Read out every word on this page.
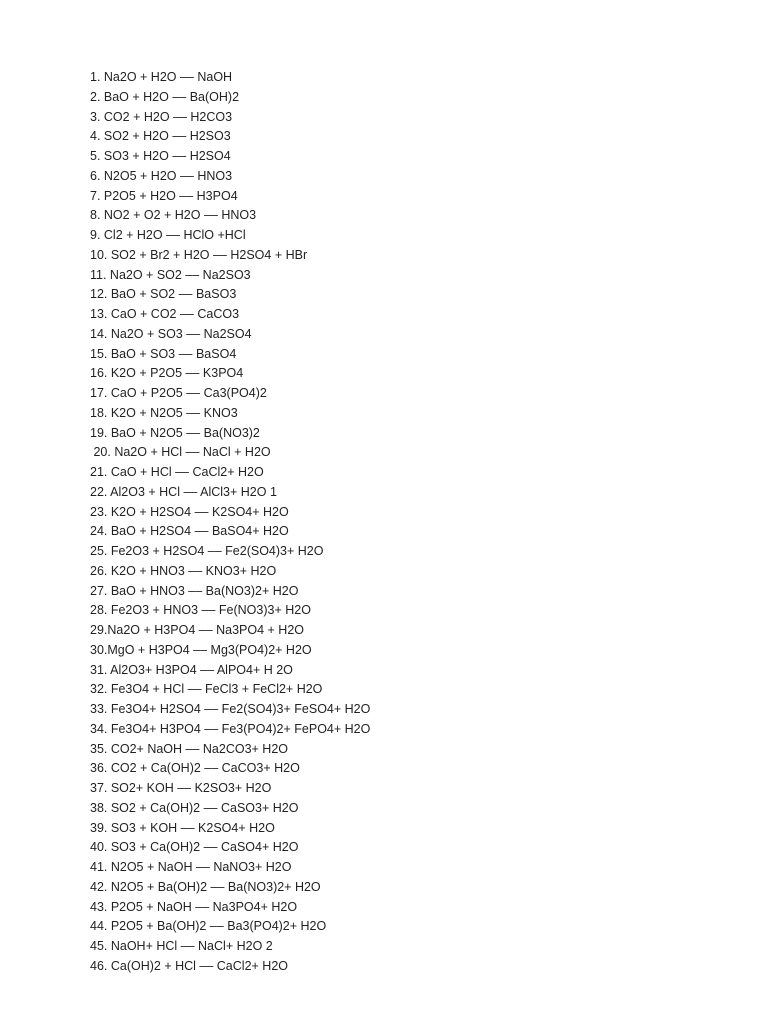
1. Na2O + H2O –– NaOH
2. BaO + H2O –– Ba(OH)2
3. CO2 + H2O –– H2CO3
4. SO2 + H2O –– H2SO3
5. SO3 + H2O –– H2SO4
6. N2O5 + H2O –– HNO3
7. P2O5 + H2O –– H3PO4
8. NO2 + O2 + H2O –– HNO3
9. Cl2 + H2O –– HClO +HCl
10. SO2 + Br2 + H2O –– H2SO4 + HBr
11. Na2O + SO2 –– Na2SO3
12. BaO + SO2 –– BaSO3
13. CaO + CO2 –– CaCO3
14. Na2O + SO3 –– Na2SO4
15. BaO + SO3 –– BaSO4
16. K2O + P2O5 –– K3PO4
17. CaO + P2O5 –– Ca3(PO4)2
18. K2O + N2O5 –– KNO3
19. BaO + N2O5 –– Ba(NO3)2
20. Na2O + HCl –– NaCl + H2O
21. CaO + HCl –– CaCl2+ H2O
22. Al2O3 + HCl –– AlCl3+ H2O 1
23. K2O + H2SO4 –– K2SO4+ H2O
24. BaO + H2SO4 –– BaSO4+ H2O
25. Fe2O3 + H2SO4 –– Fe2(SO4)3+ H2O
26. K2O + HNO3 –– KNO3+ H2O
27. BaO + HNO3 –– Ba(NO3)2+ H2O
28. Fe2O3 + HNO3 –– Fe(NO3)3+ H2O
29.Na2O + H3PO4 –– Na3PO4 + H2O
30.MgO + H3PO4 –– Mg3(PO4)2+ H2O
31. Al2O3+ H3PO4 –– AlPO4+ H 2O
32. Fe3O4 + HCl –– FeCl3 + FeCl2+ H2O
33. Fe3O4+ H2SO4 –– Fe2(SO4)3+ FeSO4+ H2O
34. Fe3O4+ H3PO4 –– Fe3(PO4)2+ FePO4+ H2O
35. CO2+ NaOH –– Na2CO3+ H2O
36. CO2 + Ca(OH)2 –– CaCO3+ H2O
37. SO2+ KOH –– K2SO3+ H2O
38. SO2 + Ca(OH)2 –– CaSO3+ H2O
39. SO3 + KOH –– K2SO4+ H2O
40. SO3 + Ca(OH)2 –– CaSO4+ H2O
41. N2O5 + NaOH –– NaNO3+ H2O
42. N2O5 + Ba(OH)2 –– Ba(NO3)2+ H2O
43. P2O5 + NaOH –– Na3PO4+ H2O
44. P2O5 + Ba(OH)2 –– Ba3(PO4)2+ H2O
45. NaOH+ HCl –– NaCl+ H2O 2
46. Ca(OH)2 + HCl –– CaCl2+ H2O
